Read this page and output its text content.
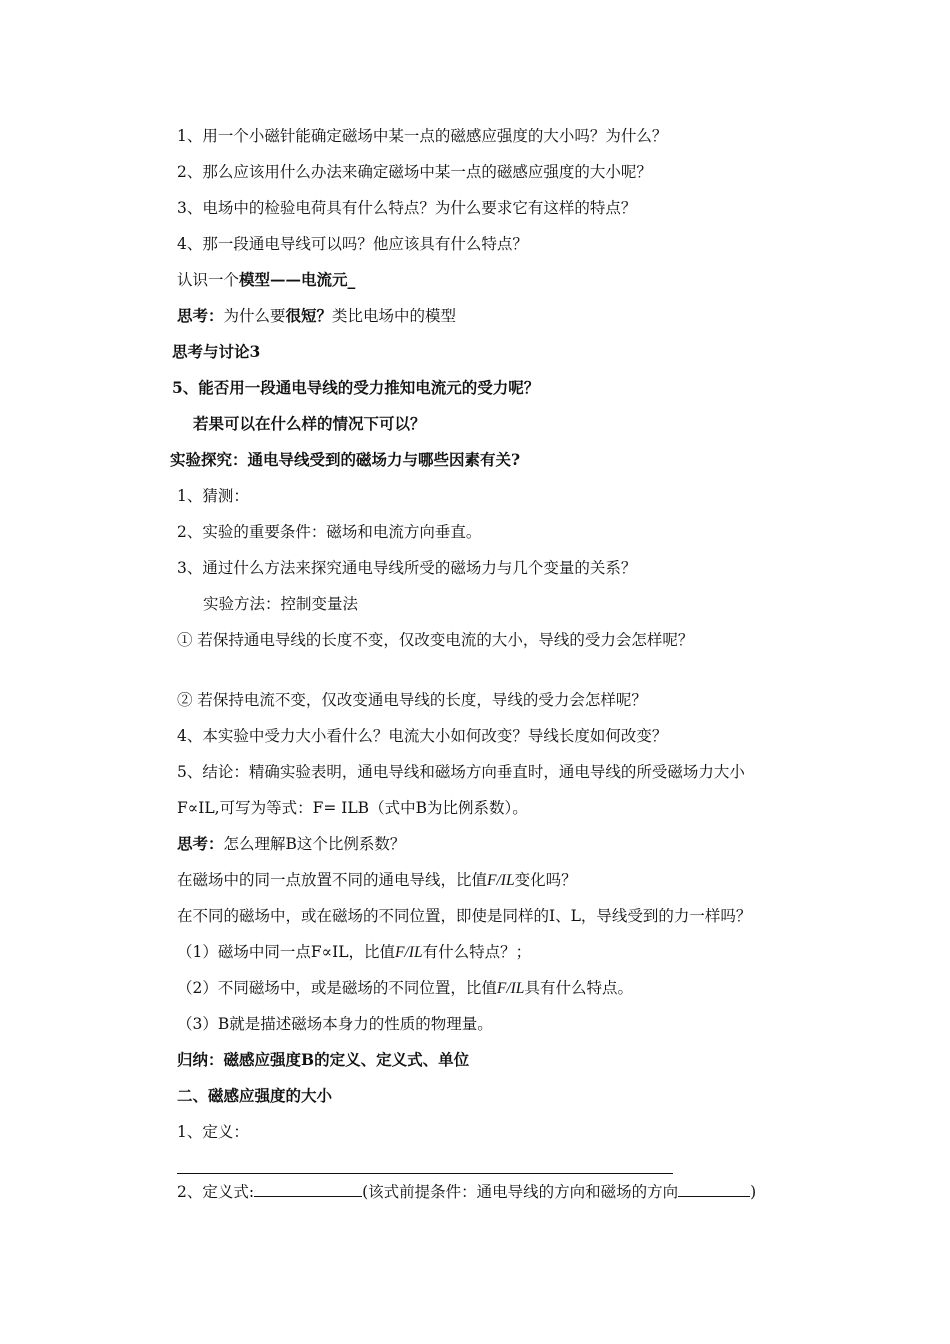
1、用一个小磁针能确定磁场中某一点的磁感应强度的大小吗？为什么？
2、那么应该用什么办法来确定磁场中某一点的磁感应强度的大小呢？
3、电场中的检验电荷具有什么特点？为什么要求它有这样的特点？
4、那一段通电导线可以吗？他应该具有什么特点？
认识一个模型——电流元_
思考：为什么要很短？类比电场中的模型
思考与讨论3
5、能否用一段通电导线的受力推知电流元的受力呢？
若果可以在什么样的情况下可以？
实验探究：通电导线受到的磁场力与哪些因素有关?
1、猜测：
2、实验的重要条件：磁场和电流方向垂直。
3、通过什么方法来探究通电导线所受的磁场力与几个变量的关系？
实验方法：控制变量法
① 若保持通电导线的长度不变，仅改变电流的大小，导线的受力会怎样呢？
② 若保持电流不变，仅改变通电导线的长度，导线的受力会怎样呢？
4、本实验中受力大小看什么？电流大小如何改变？导线长度如何改变？
5、结论：精确实验表明，通电导线和磁场方向垂直时，通电导线的所受磁场力大小
F∝IL,可写为等式：F= ILB（式中B为比例系数）。
思考：怎么理解B这个比例系数？
在磁场中的同一点放置不同的通电导线，比值F/IL变化吗？
在不同的磁场中，或在磁场的不同位置，即使是同样的I、L，导线受到的力一样吗？
（1）磁场中同一点F∝IL，比值F/IL有什么特点？；
（2）不同磁场中，或是磁场的不同位置，比值F/IL具有什么特点。
（3）B就是描述磁场本身力的性质的物理量。
归纳：磁感应强度B的定义、定义式、单位
二、磁感应强度的大小
1、定义：
2、定义式:	(该式前提条件：通电导线的方向和磁场的方向	)
